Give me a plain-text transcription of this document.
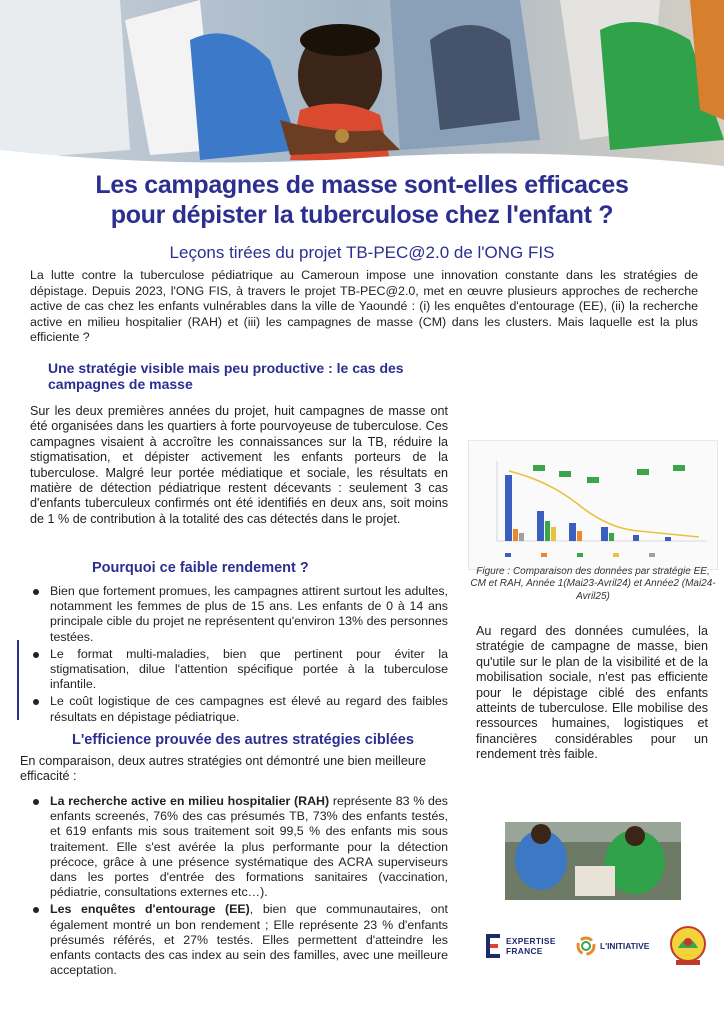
Les campagnes de masse sont-elles efficaces
pour dépister la tuberculose chez l'enfant ?
Leçons tirées du projet TB-PEC@2.0 de l'ONG FIS

La lutte contre la tuberculose pédiatrique au Cameroun impose une innovation constante dans les stratégies de dépistage. Depuis 2023, l'ONG FIS, à travers le projet TB-PEC@2.0, met en œuvre plusieurs approches de recherche active de cas chez les enfants vulnérables dans la ville de Yaoundé : (i) les enquêtes d'entourage (EE), (ii) la recherche active en milieu hospitalier (RAH) et (iii) les campagnes de masse (CM) dans les clusters. Mais laquelle est la plus efficiente ?

Une stratégie visible mais peu productive : le cas des campagnes de masse

Sur les deux premières années du projet, huit campagnes de masse ont été organisées dans les quartiers à forte pourvoyeuse de tuberculose. Ces campagnes visaient à accroître les connaissances sur la TB, réduire la stigmatisation, et dépister activement les enfants porteurs de la tuberculose. Malgré leur portée médiatique et sociale, les résultats en matière de détection pédiatrique restent décevants : seulement 3 cas d'enfants tuberculeux confirmés ont été identifiés en deux ans, soit moins de 1 % de contribution à la totalité des cas détectés dans le projet.

Pourquoi ce faible rendement ?
Bien que fortement promues, les campagnes attirent surtout les adultes, notamment les femmes de plus de 15 ans. Les enfants de 0 à 14 ans principale cible du projet ne représentent qu'environ 13% des personnes testées.
Le format multi-maladies, bien que pertinent pour éviter la stigmatisation, dilue l'attention spécifique portée à la tuberculose infantile.
Le coût logistique de ces campagnes est élevé au regard des faibles résultats en dépistage pédiatrique.
L'efficience prouvée des autres stratégies ciblées

En comparaison, deux autres stratégies ont démontré une bien meilleure efficacité :

La recherche active en milieu hospitalier (RAH) représente 83 % des enfants screenés, 76% des cas présumés TB, 73% des enfants testés, et 619 enfants mis sous traitement soit 99,5 % des enfants mis sous traitement. Elle s'est avérée la plus performante pour la détection précoce, grâce à une présence systématique des ACRA superviseurs dans les portes d'entrée des formations sanitaires (vaccination, pédiatrie, consultations externes etc…).
Les enquêtes d'entourage (EE), bien que communautaires, ont également montré un bon rendement ; Elle représente 23 % d'enfants présumés référés, et 27% testés. Elles permettent d'atteindre les enfants contacts des cas index au sein des familles, avec une meilleure acceptation.
Figure : Comparaison des données par stratégie EE, CM et RAH, Année 1(Mai23-Avril24) et Année2 (Mai24-Avril25)

Au regard des données cumulées, la stratégie de campagne de masse, bien qu'utile sur le plan de la visibilité et de la mobilisation sociale, n'est pas efficiente pour le dépistage ciblé des enfants atteints de tuberculose. Elle mobilise des ressources humaines, logistiques et financières considérables pour un rendement très faible.

EXPERTISE
FRANCE	L'INITIATIVE
